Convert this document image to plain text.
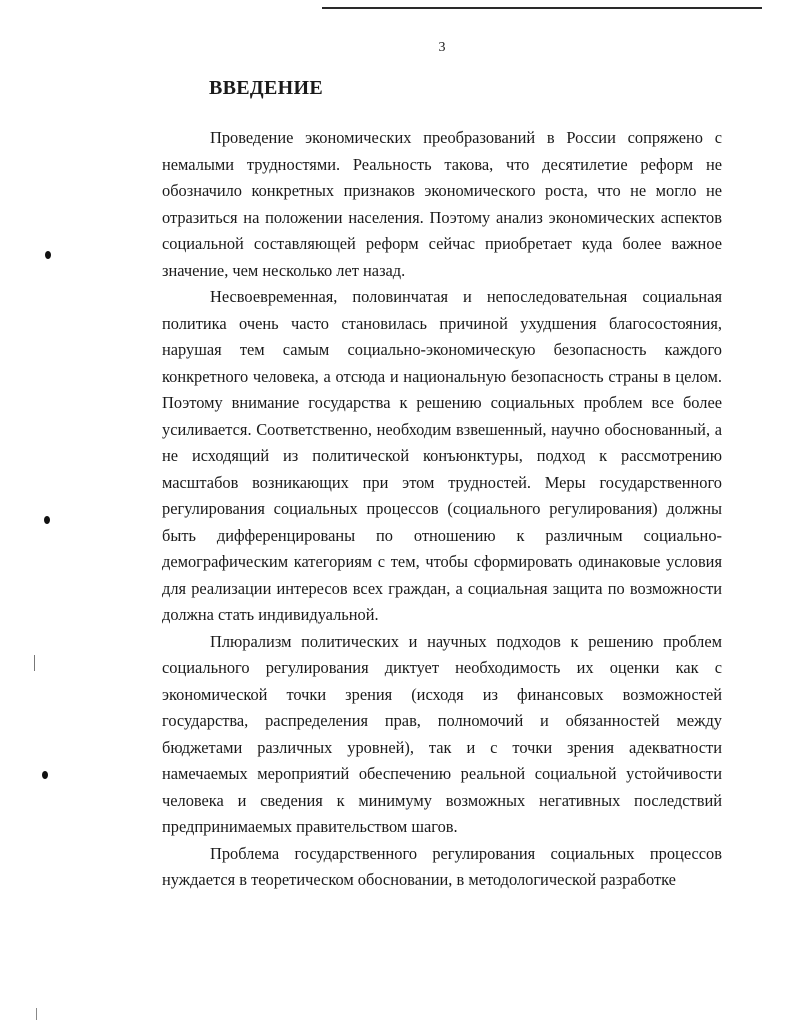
3
ВВЕДЕНИЕ

Проведение экономических преобразований в России сопряжено с немалыми трудностями. Реальность такова, что десятилетие реформ не обозначило конкретных признаков экономического роста, что не могло не отразиться на положении населения. Поэтому анализ экономических аспектов социальной составляющей реформ сейчас приобретает куда более важное значение, чем несколько лет назад.

Несвоевременная, половинчатая и непоследовательная социальная политика очень часто становилась причиной ухудшения благосостояния, нарушая тем самым социально-экономическую безопасность каждого конкретного человека, а отсюда и национальную безопасность страны в целом. Поэтому внимание государства к решению социальных проблем все более усиливается. Соответственно, необходим взвешенный, научно обоснованный, а не исходящий из политической конъюнктуры, подход к рассмотрению масштабов возникающих при этом трудностей. Меры государственного регулирования социальных процессов (социального регулирования) должны быть дифференцированы по отношению к различным социально-демографическим категориям с тем, чтобы сформировать одинаковые условия для реализации интересов всех граждан, а социальная защита по возможности должна стать индивидуальной.

Плюрализм политических и научных подходов к решению проблем социального регулирования диктует необходимость их оценки как с экономической точки зрения (исходя из финансовых возможностей государства, распределения прав, полномочий и обязанностей между бюджетами различных уровней), так и с точки зрения адекватности намечаемых мероприятий обеспечению реальной социальной устойчивости человека и сведения к минимуму возможных негативных последствий предпринимаемых правительством шагов.

Проблема государственного регулирования социальных процессов нуждается в теоретическом обосновании, в методологической разработке
